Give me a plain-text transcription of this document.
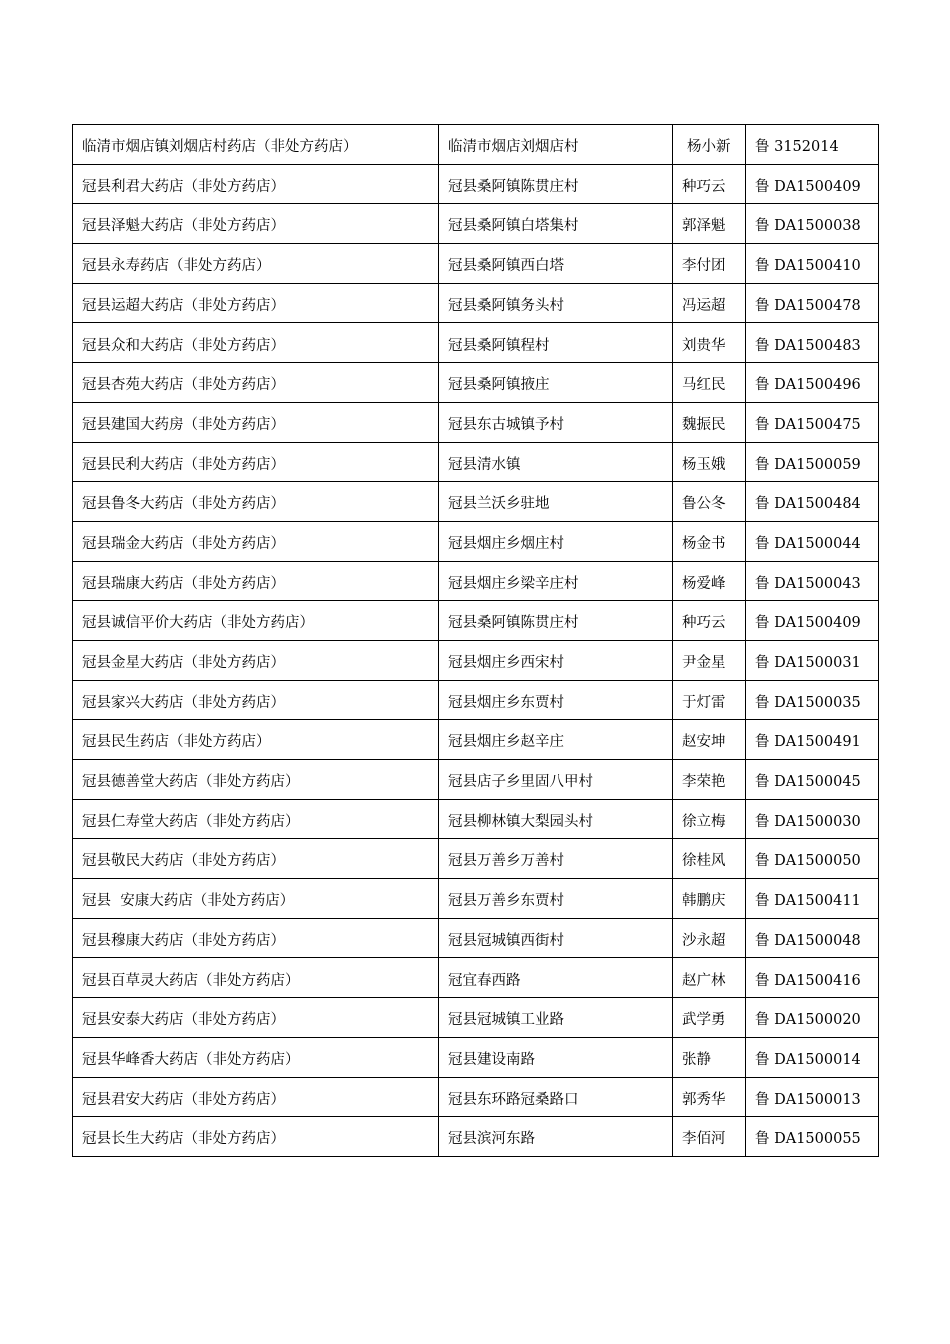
临清市烟店镇刘烟店村药店（非处方药店）	临清市烟店刘烟店村	杨小新	鲁 3152014
冠县利君大药店（非处方药店）	冠县桑阿镇陈贯庄村	种巧云	鲁 DA1500409
冠县泽魁大药店（非处方药店）	冠县桑阿镇白塔集村	郭泽魁	鲁 DA1500038
冠县永寿药店（非处方药店）	冠县桑阿镇西白塔	李付团	鲁 DA1500410
冠县运超大药店（非处方药店）	冠县桑阿镇务头村	冯运超	鲁 DA1500478
冠县众和大药店（非处方药店）	冠县桑阿镇程村	刘贵华	鲁 DA1500483
冠县杏苑大药店（非处方药店）	冠县桑阿镇掖庄	马红民	鲁 DA1500496
冠县建国大药房（非处方药店）	冠县东古城镇予村	魏振民	鲁 DA1500475
冠县民利大药店（非处方药店）	冠县清水镇	杨玉娥	鲁 DA1500059
冠县鲁冬大药店（非处方药店）	冠县兰沃乡驻地	鲁公冬	鲁 DA1500484
冠县瑞金大药店（非处方药店）	冠县烟庄乡烟庄村	杨金书	鲁 DA1500044
冠县瑞康大药店（非处方药店）	冠县烟庄乡梁辛庄村	杨爱峰	鲁 DA1500043
冠县诚信平价大药店（非处方药店）	冠县桑阿镇陈贯庄村	种巧云	鲁 DA1500409
冠县金星大药店（非处方药店）	冠县烟庄乡西宋村	尹金星	鲁 DA1500031
冠县家兴大药店（非处方药店）	冠县烟庄乡东贾村	于灯雷	鲁 DA1500035
冠县民生药店（非处方药店）	冠县烟庄乡赵辛庄	赵安坤	鲁 DA1500491
冠县德善堂大药店（非处方药店）	冠县店子乡里固八甲村	李荣艳	鲁 DA1500045
冠县仁寿堂大药店（非处方药店）	冠县柳林镇大梨园头村	徐立梅	鲁 DA1500030
冠县敬民大药店（非处方药店）	冠县万善乡万善村	徐桂风	鲁 DA1500050
冠县  安康大药店（非处方药店）	冠县万善乡东贾村	韩鹏庆	鲁 DA1500411
冠县穆康大药店（非处方药店）	冠县冠城镇西街村	沙永超	鲁 DA1500048
冠县百草灵大药店（非处方药店）	冠宜春西路	赵广林	鲁 DA1500416
冠县安泰大药店（非处方药店）	冠县冠城镇工业路	武学勇	鲁 DA1500020
冠县华峰香大药店（非处方药店）	冠县建设南路	张静	鲁 DA1500014
冠县君安大药店（非处方药店）	冠县东环路冠桑路口	郭秀华	鲁 DA1500013
冠县长生大药店（非处方药店）	冠县滨河东路	李佰河	鲁 DA1500055
